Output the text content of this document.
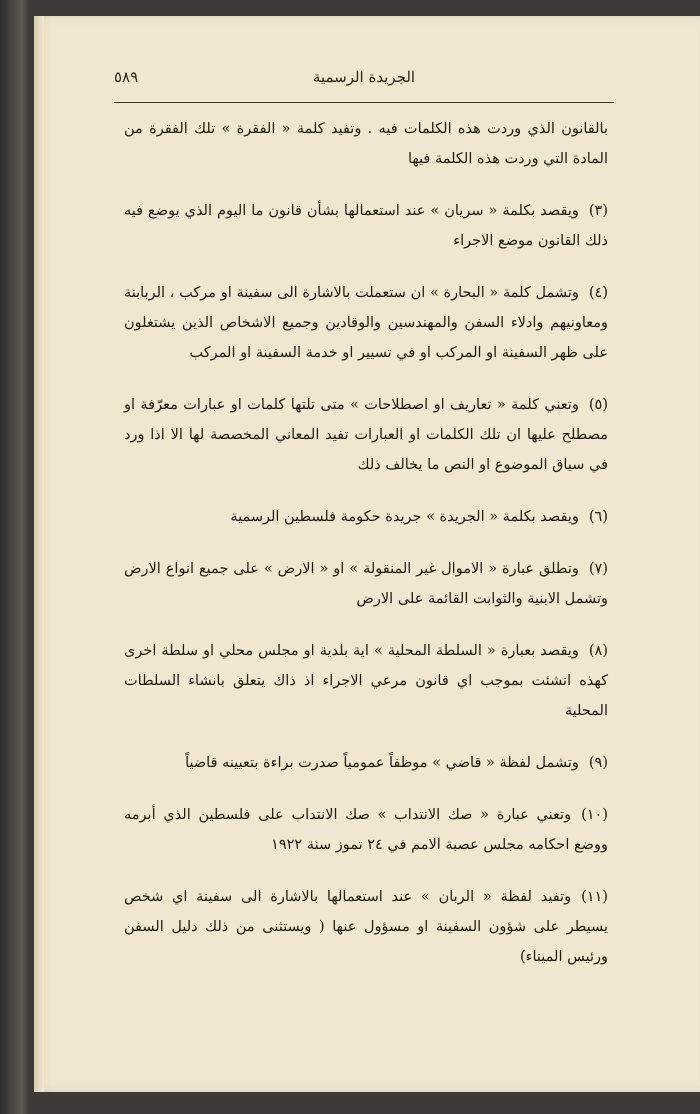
الجريدة الرسمية
٥٨٩

بالقانون الذي وردت هذه الكلمات فيه . وتفيد كلمة « الفقرة » تلك الفقرة من المادة التي وردت هذه الكلمة فيها

(٣)ويقصد بكلمة « سريان » عند استعمالها بشأن قانون ما اليوم الذي يوضع فيه ذلك القانون موضع الاجراء

(٤)وتشمل كلمة « البحارة » ان ستعملت بالاشارة الى سفينة او مركب ، الربابنة ومعاونيهم وادلاء السفن والمهندسين والوقادين وجميع الاشخاص الذين يشتغلون على ظهر السفينة او المركب او في تسيير او خدمة السفينة او المركب

(٥)وتعني كلمة « تعاريف او اصطلاحات » متى تلتها كلمات او عبارات معرّفة او مصطلح عليها ان تلك الكلمات او العبارات تفيد المعاني المخصصة لها الا اذا ورد في سياق الموضوع او النص ما يخالف ذلك

(٦)ويقصد بكلمة « الجريدة » جريدة حكومة فلسطين الرسمية

(٧)وتطلق عبارة « الاموال غير المنقولة » او « الارض » على جميع انواع الارض وتشمل الابنية والثوابت القائمة على الارض

(٨)ويقصد بعبارة « السلطة المحلية » اية بلدية او مجلس محلي او سلطة اخرى كهذه انشئت بموجب اي قانون مرعي الاجراء اذ ذاك يتعلق بانشاء السلطات المحلية

(٩)وتشمل لفظة « قاضي » موظفاً عمومياً صدرت براءة بتعيينه قاضياً

(١٠)وتعني عبارة « صك الانتداب » صك الانتداب على فلسطين الذي أبرمه ووضع احكامه مجلس عصبة الامم في ٢٤ تموز سنة ١٩٢٢

(١١)وتفيد لفظة « الربان » عند استعمالها بالاشارة الى سفينة اي شخص يسيطر على شؤون السفينة او مسؤول عنها ( ويستثنى من ذلك دليل السفن ورئيس الميناء)
